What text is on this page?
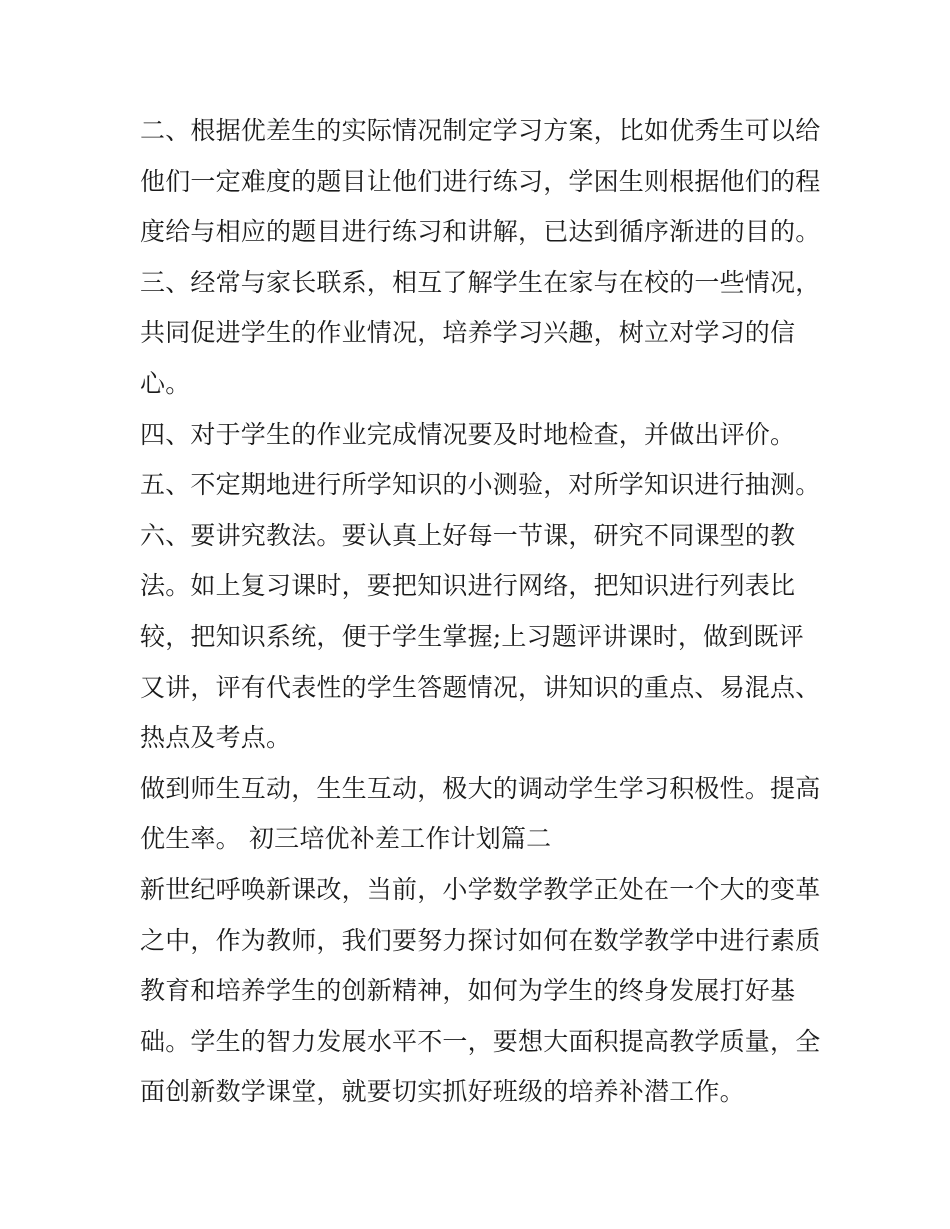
二、根据优差生的实际情况制定学习方案，比如优秀生可以给
他们一定难度的题目让他们进行练习，学困生则根据他们的程
度给与相应的题目进行练习和讲解，已达到循序渐进的目的。
三、经常与家长联系，相互了解学生在家与在校的一些情况，
共同促进学生的作业情况，培养学习兴趣，树立对学习的信
心。
四、对于学生的作业完成情况要及时地检查，并做出评价。
五、不定期地进行所学知识的小测验，对所学知识进行抽测。
六、要讲究教法。要认真上好每一节课，研究不同课型的教
法。如上复习课时，要把知识进行网络，把知识进行列表比
较，把知识系统，便于学生掌握;上习题评讲课时，做到既评
又讲，评有代表性的学生答题情况，讲知识的重点、易混点、
热点及考点。
做到师生互动，生生互动，极大的调动学生学习积极性。提高
优生率。 初三培优补差工作计划篇二
新世纪呼唤新课改，当前，小学数学教学正处在一个大的变革
之中，作为教师，我们要努力探讨如何在数学教学中进行素质
教育和培养学生的创新精神，如何为学生的终身发展打好基
础。学生的智力发展水平不一，要想大面积提高教学质量，全
面创新数学课堂，就要切实抓好班级的培养补潜工作。
